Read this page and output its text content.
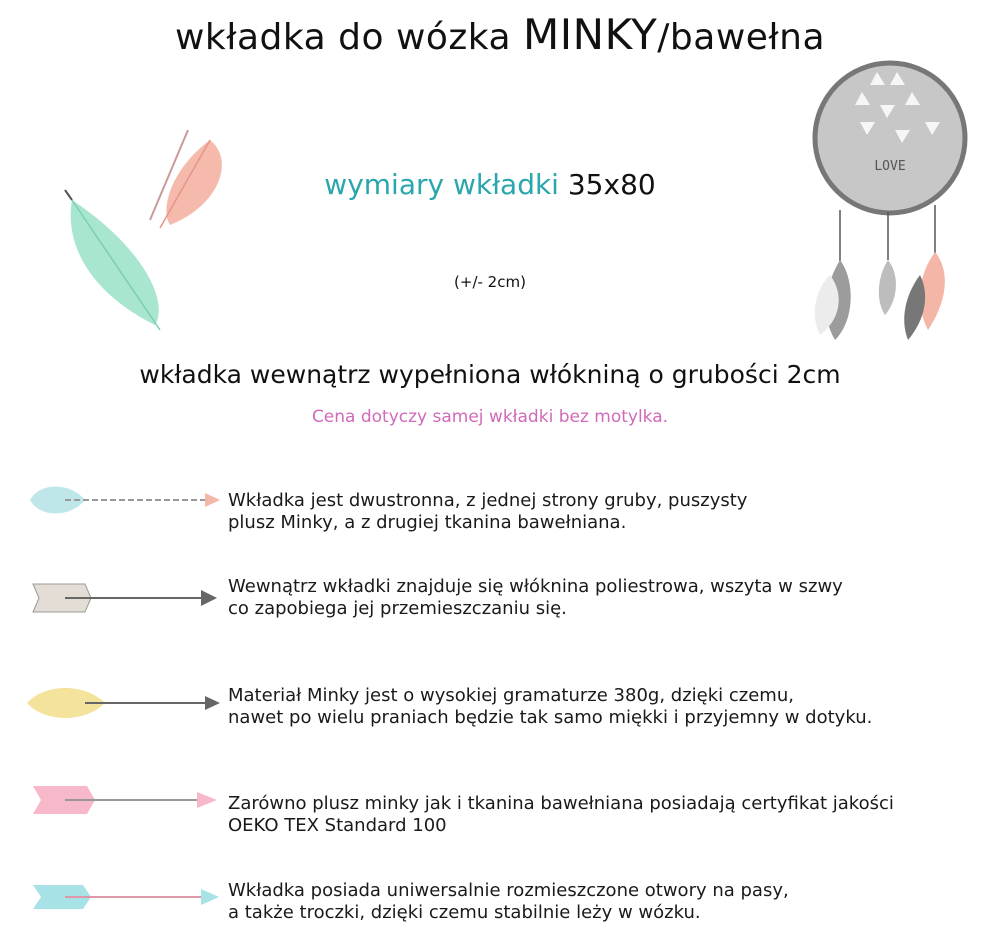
wkładka do wózka MINKY/bawełna
LOVE
wymiary wkładki 35x80
(+/- 2cm)
wkładka wewnątrz wypełniona włókniną o grubości 2cm
Cena dotyczy samej wkładki bez motylka.
Wkładka jest dwustronna, z jednej strony gruby, puszysty
plusz Minky, a z drugiej tkanina bawełniana.
Wewnątrz wkładki znajduje się włóknina poliestrowa, wszyta w szwy
co zapobiega jej przemieszczaniu się.
Materiał Minky jest o wysokiej gramaturze 380g, dzięki czemu,
nawet po wielu praniach będzie tak samo miękki i przyjemny w dotyku.
Zarówno plusz minky jak i tkanina bawełniana posiadają certyfikat jakości
OEKO TEX Standard 100
Wkładka posiada uniwersalnie rozmieszczone otwory na pasy,
a także troczki, dzięki czemu stabilnie leży w wózku.
